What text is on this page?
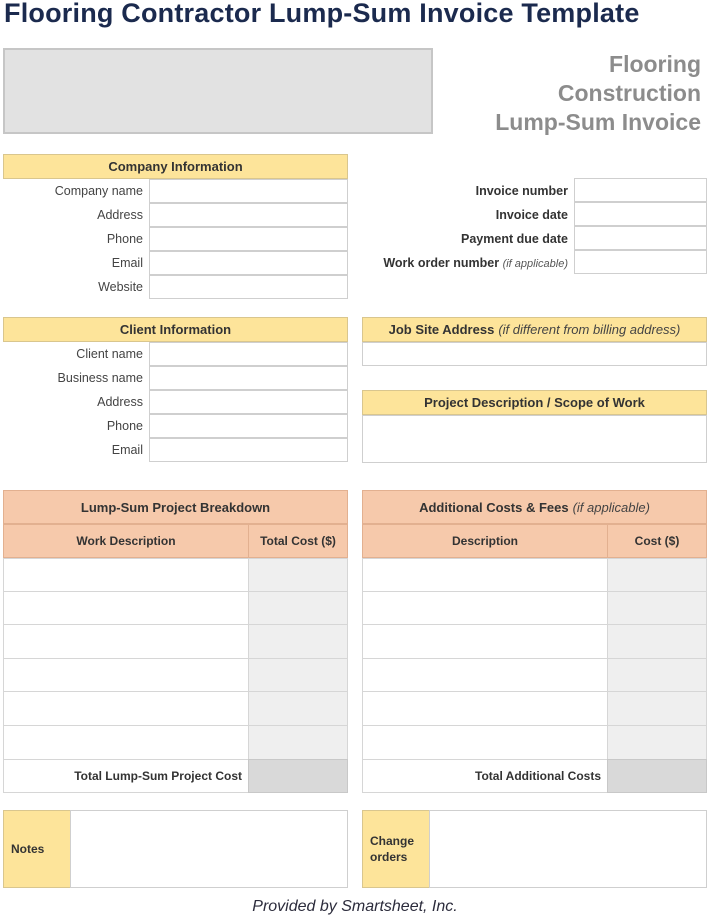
Flooring Contractor Lump-Sum Invoice Template
Flooring
Construction
Lump-Sum Invoice
Company Information
Company name
Address
Phone
Email
Website
Invoice number
Invoice date
Payment due date
Work order number (if applicable)
Client Information
Client name
Business name
Address
Phone
Email
Job Site Address (if different from billing address)
Project Description / Scope of Work
Lump-Sum Project Breakdown
Work Description	Total Cost ($)
Total Lump-Sum Project Cost
Additional Costs & Fees (if applicable)
Description	Cost ($)
Total Additional Costs
Notes
Change
orders
Provided by Smartsheet, Inc.
